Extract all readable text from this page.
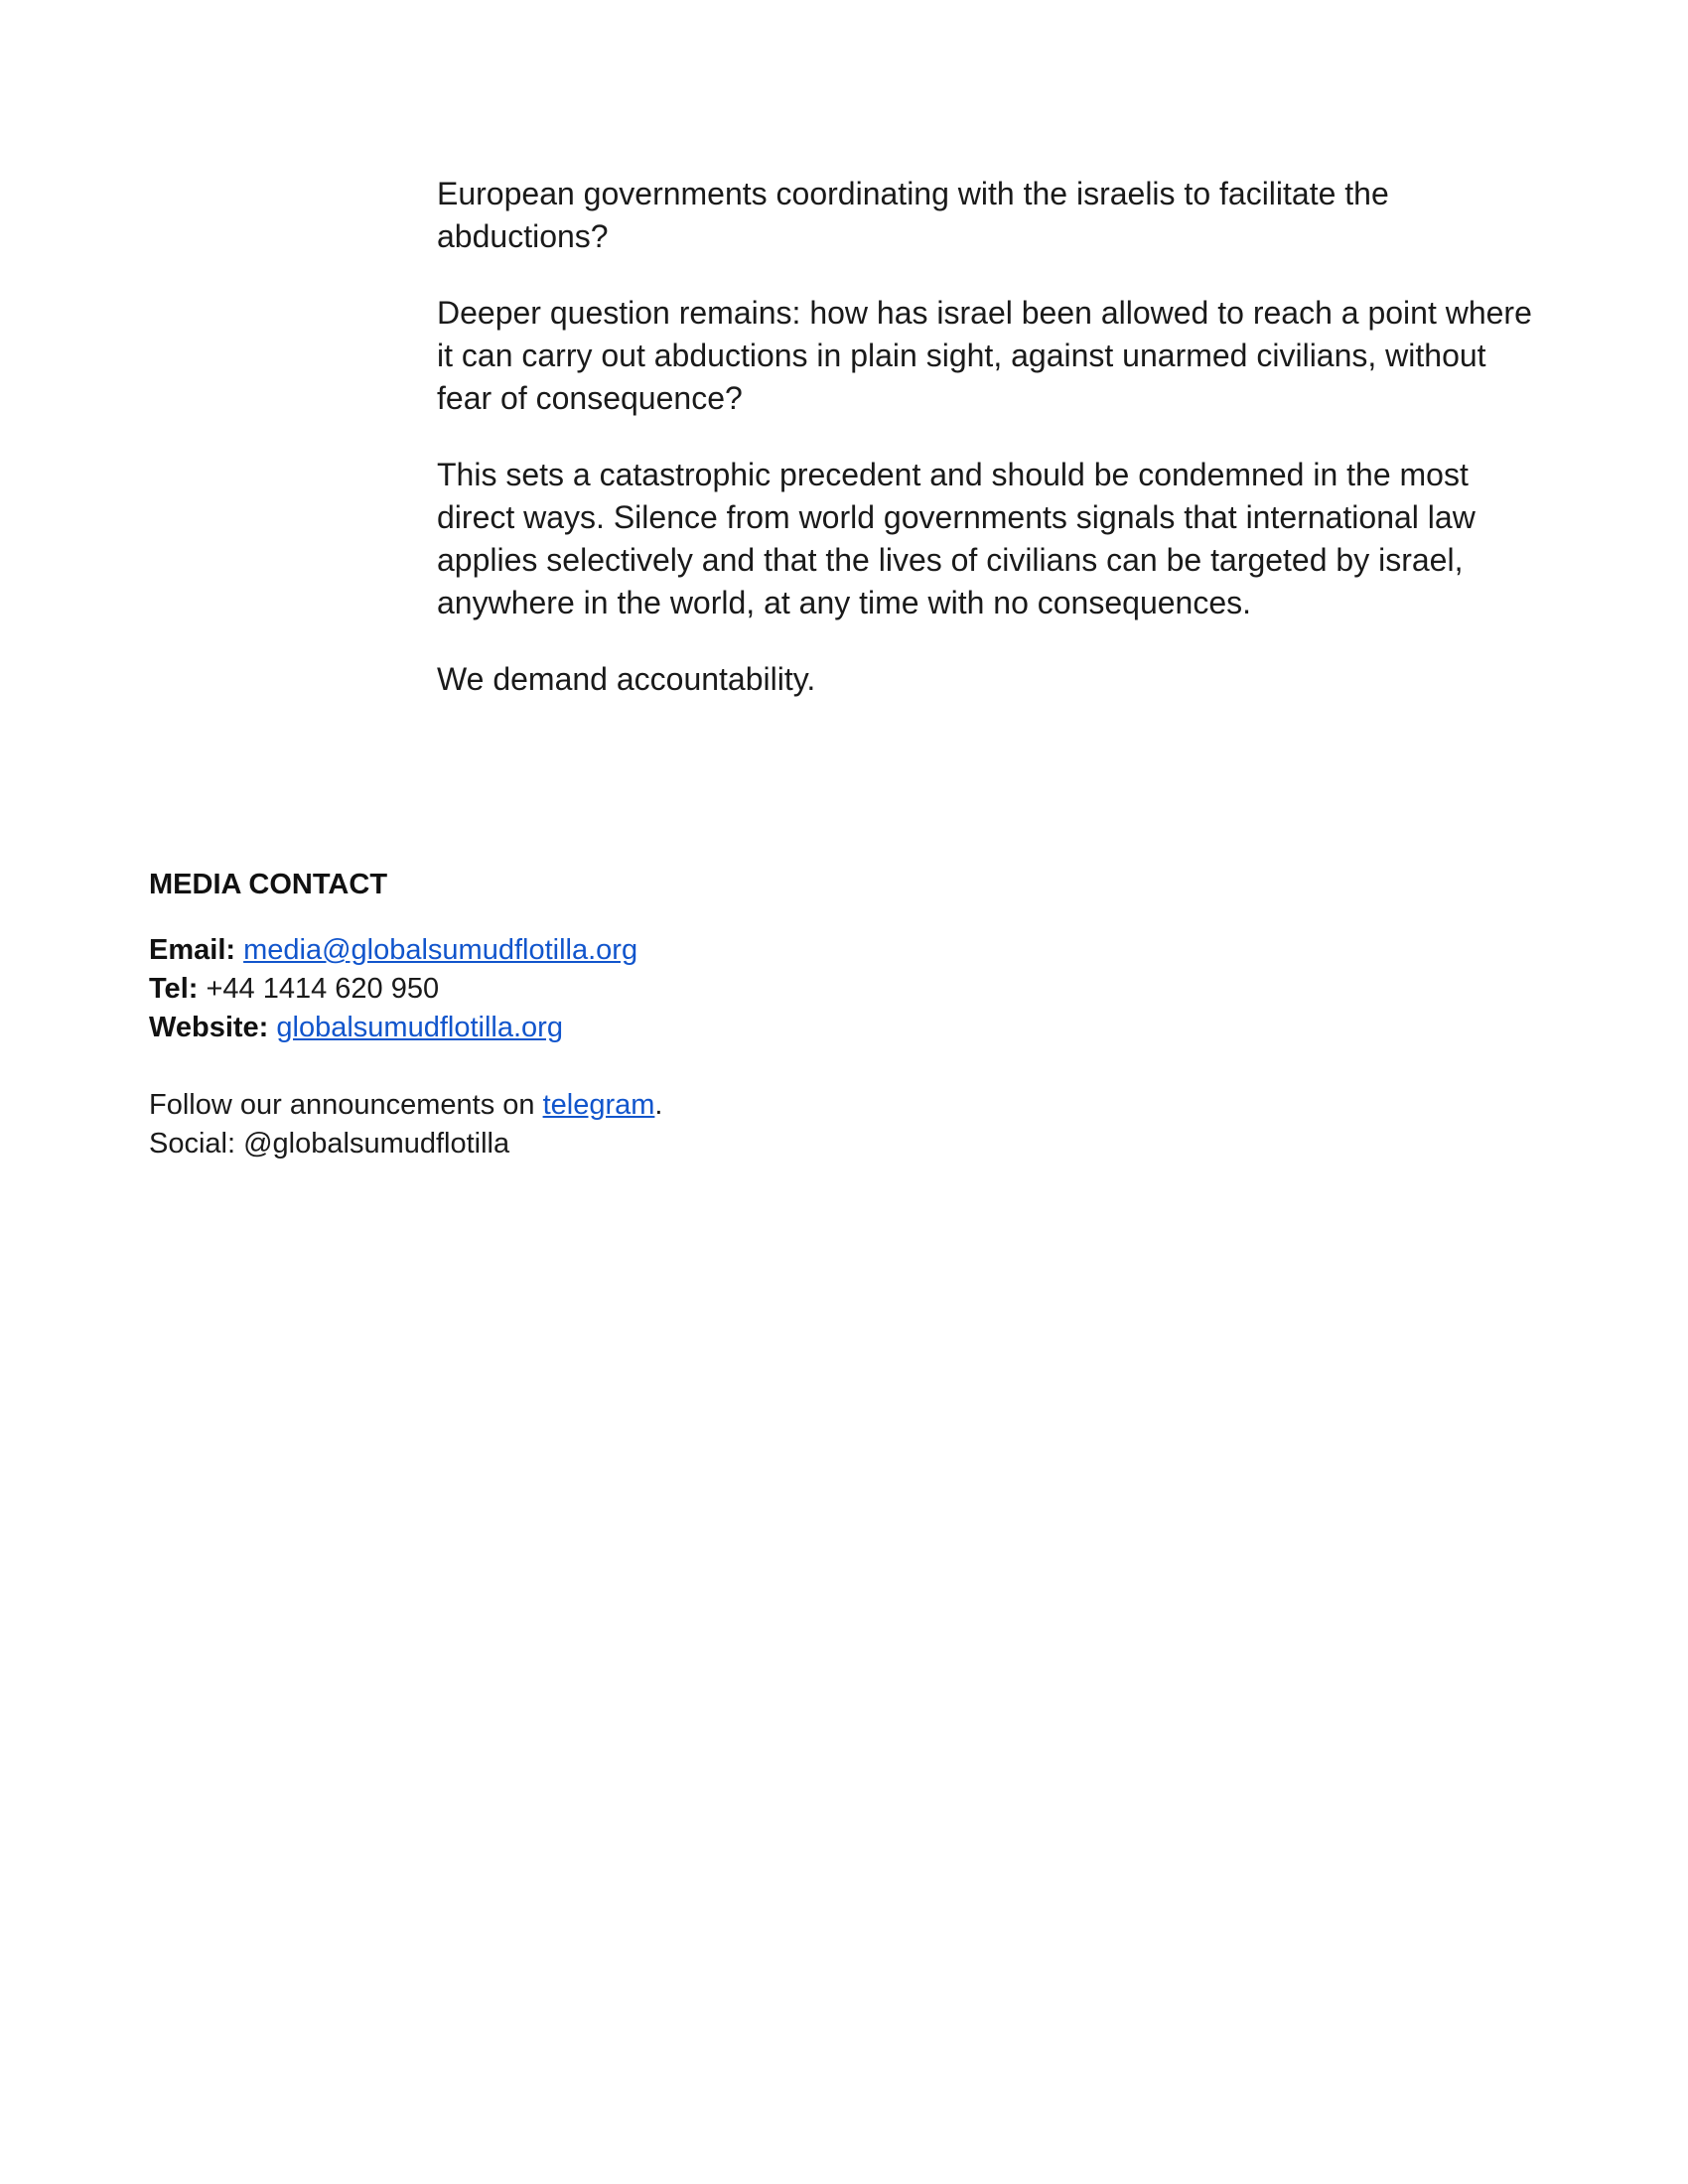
European governments coordinating with the israelis to facilitate the abductions?

Deeper question remains: how has israel been allowed to reach a point where it can carry out abductions in plain sight, against unarmed civilians, without fear of consequence?

This sets a catastrophic precedent and should be condemned in the most direct ways. Silence from world governments signals that international law applies selectively and that the lives of civilians can be targeted by israel, anywhere in the world, at any time with no consequences.

We demand accountability.

MEDIA CONTACT
Email: media@globalsumudflotilla.org
Tel: +44 1414 620 950
Website: globalsumudflotilla.org
Follow our announcements on telegram.
Social: @globalsumudflotilla
